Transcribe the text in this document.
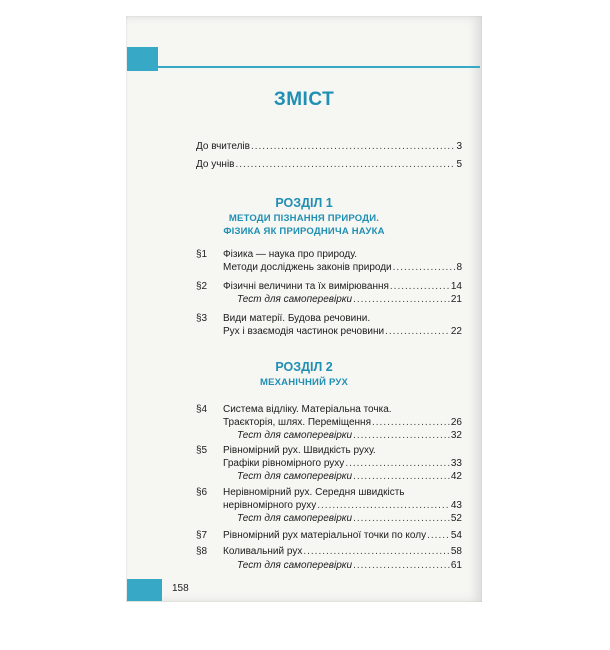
ЗМІСТ
До вчителів .....	3
До учнів .....	5
РОЗДІЛ 1
МЕТОДИ ПІЗНАННЯ ПРИРОДИ.
ФІЗИКА ЯК ПРИРОДНИЧА НАУКА
§1 Фізика — наука про природу.
Методи досліджень законів природи .....	8
§2 Фізичні величини та їх вимірювання .....	14
Тест для самоперевірки .....	21
§3 Види матерії. Будова речовини.
Рух і взаємодія частинок речовини .....	22
РОЗДІЛ 2
МЕХАНІЧНИЙ РУХ
§4 Система відліку. Матеріальна точка.
Траєкторія, шлях. Переміщення .....	26
Тест для самоперевірки .....	32
§5 Рівномірний рух. Швидкість руху.
Графіки рівномірного руху .....	33
Тест для самоперевірки .....	42
§6 Нерівномірний рух. Середня швидкість
нерівномірного руху .....	43
Тест для самоперевірки .....	52
§7 Рівномірний рух матеріальної точки по колу ..... 54
§8 Коливальний рух .....	58
Тест для самоперевірки .....	61
158
